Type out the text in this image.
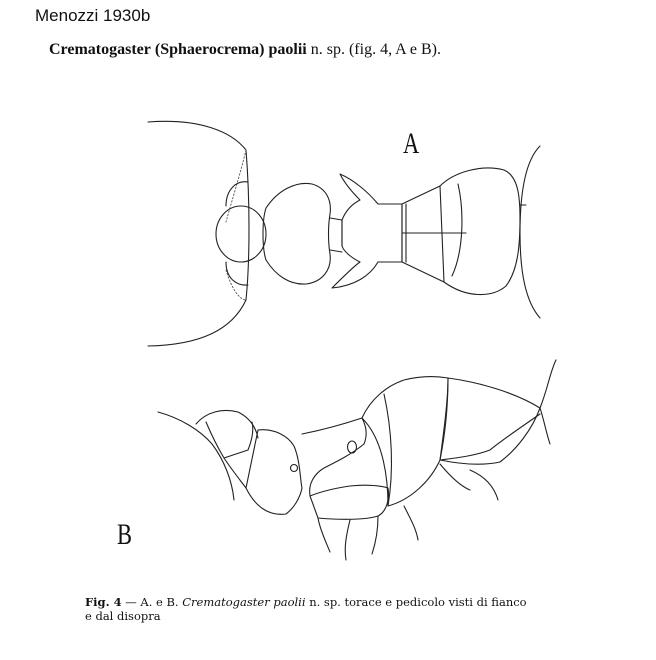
Menozzi 1930b
Crematogaster (Sphaerocrema) paolii n. sp. (fig. 4, A e B).
A
B
Fig. 4 — A. e B. Crematogaster paolii n. sp. torace e pedicolo visti di fianco
e dal disopra
